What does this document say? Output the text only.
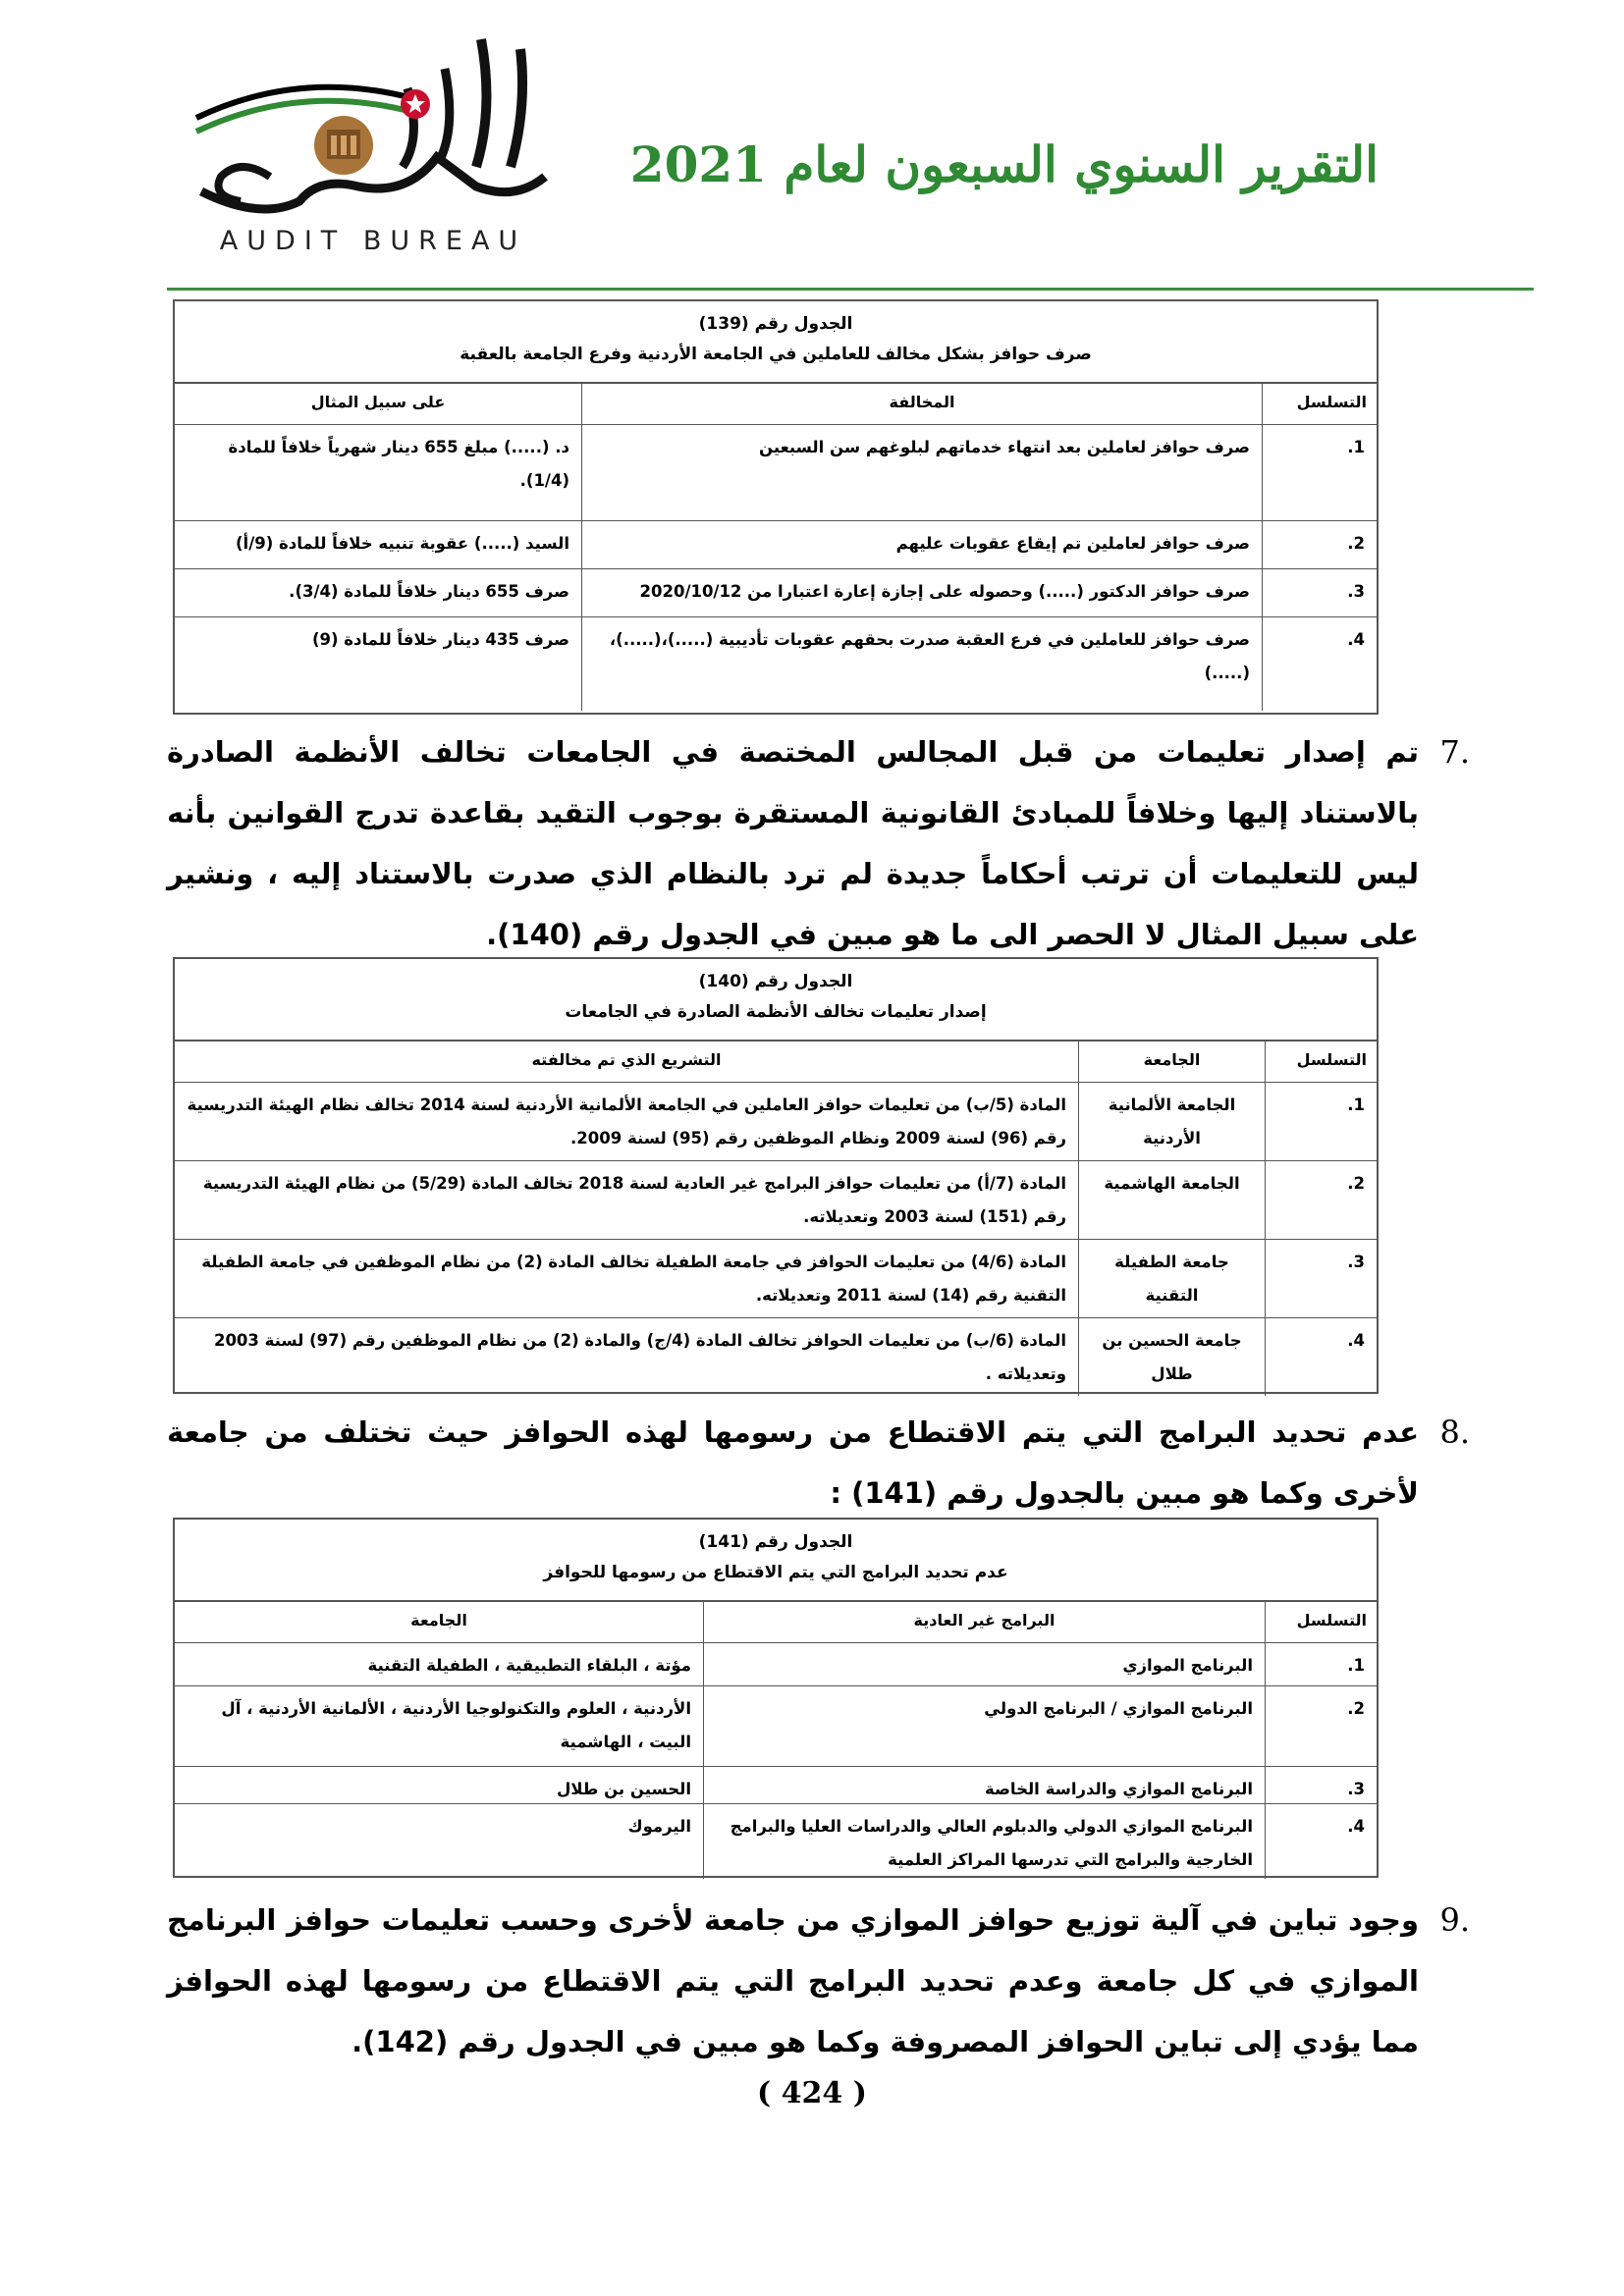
ديوان المحاسبة
AUDIT BUREAU
التقرير السنوي السبعون لعام 2021
الجدول رقم (139)
صرف حوافز بشكل مخالف للعاملين في الجامعة الأردنية وفرع الجامعة بالعقبة
التسلسل
المخالفة
على سبيل المثال
1.
صرف حوافز لعاملين بعد انتهاء خدماتهم لبلوغهم سن السبعين
د. (.....) مبلغ 655 دينار شهرياً خلافاً للمادة (1/4).
2.
صرف حوافز لعاملين تم إيقاع عقوبات عليهم
السيد (.....) عقوبة تنبيه خلافاً للمادة (9/أ)
3.
صرف حوافز الدكتور (.....) وحصوله على إجازة إعارة اعتبارا من 2020/10/12
صرف 655 دينار خلافاً للمادة (3/4).
4.
صرف حوافز للعاملين في فرع العقبة صدرت بحقهم عقوبات تأديبية (.....)،(.....)،(.....)
صرف 435 دينار خلافاً للمادة (9)
7.
تم إصدار تعليمات من قبل المجالس المختصة في الجامعات تخالف الأنظمة الصادرة بالاستناد إليها وخلافاً للمبادئ القانونية المستقرة بوجوب التقيد بقاعدة تدرج القوانين بأنه ليس للتعليمات أن ترتب أحكاماً جديدة لم ترد بالنظام الذي صدرت بالاستناد إليه ، ونشير على سبيل المثال لا الحصر الى ما هو مبين في الجدول رقم (140).
الجدول رقم (140)
إصدار تعليمات تخالف الأنظمة الصادرة في الجامعات
التسلسل
الجامعة
التشريع الذي تم مخالفته
1.
الجامعة الألمانية الأردنية
المادة (5/ب) من تعليمات حوافز العاملين في الجامعة الألمانية الأردنية لسنة 2014 تخالف نظام الهيئة التدريسية رقم (96) لسنة 2009 ونظام الموظفين رقم (95) لسنة 2009.
2.
الجامعة الهاشمية
المادة (7/أ) من تعليمات حوافز البرامج غير العادية لسنة 2018 تخالف المادة (5/29) من نظام الهيئة التدريسية رقم (151) لسنة 2003 وتعديلاته.
3.
جامعة الطفيلة التقنية
المادة (4/6) من تعليمات الحوافز في جامعة الطفيلة تخالف المادة (2) من نظام الموظفين في جامعة الطفيلة التقنية رقم (14) لسنة 2011 وتعديلاته.
4.
جامعة الحسين بن طلال
المادة (6/ب) من تعليمات الحوافز تخالف المادة (4/ج) والمادة (2) من نظام الموظفين رقم (97) لسنة 2003 وتعديلاته .
8.
عدم تحديد البرامج التي يتم الاقتطاع من رسومها لهذه الحوافز حيث تختلف من جامعة لأخرى وكما هو مبين بالجدول رقم (141) :
الجدول رقم (141)
عدم تحديد البرامج التي يتم الاقتطاع من رسومها للحوافز
التسلسل
البرامج غير العادية
الجامعة
1.
البرنامج الموازي
مؤتة ، البلقاء التطبيقية ، الطفيلة التقنية
2.
البرنامج الموازي / البرنامج الدولي
الأردنية ، العلوم والتكنولوجيا الأردنية ، الألمانية الأردنية ، آل البيت ، الهاشمية
3.
البرنامج الموازي والدراسة الخاصة
الحسين بن طلال
4.
البرنامج الموازي الدولي والدبلوم العالي والدراسات العليا والبرامج الخارجية والبرامج التي تدرسها المراكز العلمية
اليرموك
9.
وجود تباين في آلية توزيع حوافز الموازي من جامعة لأخرى وحسب تعليمات حوافز البرنامج الموازي في كل جامعة وعدم تحديد البرامج التي يتم الاقتطاع من رسومها لهذه الحوافز مما يؤدي إلى تباين الحوافز المصروفة وكما هو مبين في الجدول رقم (142).
( 424 )
